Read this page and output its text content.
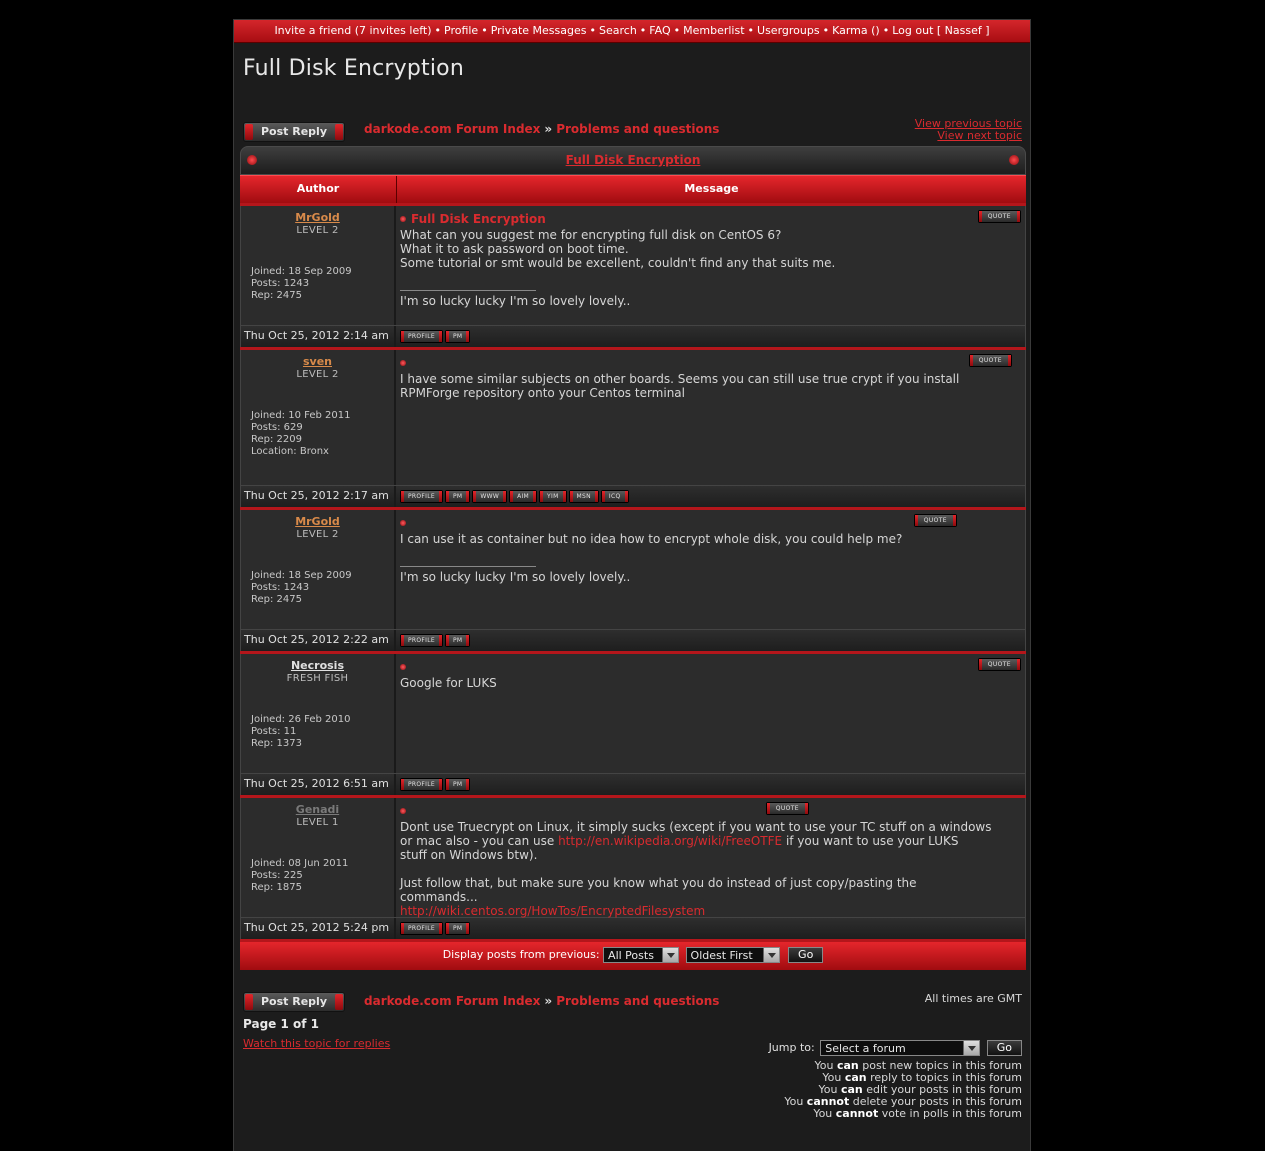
Invite a friend (7 invites left) • Profile • Private Messages • Search • FAQ • Memberlist • Usergroups • Karma () • Log out [ Nassef ]
Full Disk Encryption
Post Reply	darkode.com Forum Index » Problems and questions	View previous topic
View next topic
Full Disk Encryption
Author	Message
MrGold
LEVEL 2
Joined: 18 Sep 2009
Posts: 1243
Rep: 2475
Full Disk Encryption
What can you suggest me for encrypting full disk on CentOS 6?
What it to ask password on boot time.
Some tutorial or smt would be excellent, couldn't find any that suits me.
I'm so lucky lucky I'm so lovely lovely..
QUOTE
Thu Oct 25, 2012 2:14 am	PROFILE	PM
sven
LEVEL 2
Joined: 10 Feb 2011
Posts: 629
Rep: 2209
Location: Bronx
I have some similar subjects on other boards. Seems you can still use true crypt if you install
RPMForge repository onto your Centos terminal
QUOTE
Thu Oct 25, 2012 2:17 am	PROFILE	PM	WWW	AIM	YIM	MSN	ICQ
MrGold
LEVEL 2
Joined: 18 Sep 2009
Posts: 1243
Rep: 2475
I can use it as container but no idea how to encrypt whole disk, you could help me?
I'm so lucky lucky I'm so lovely lovely..
QUOTE
Thu Oct 25, 2012 2:22 am	PROFILE	PM
Necrosis
FRESH FISH
Joined: 26 Feb 2010
Posts: 11
Rep: 1373
Google for LUKS
QUOTE
Thu Oct 25, 2012 6:51 am	PROFILE	PM
Genadi
LEVEL 1
Joined: 08 Jun 2011
Posts: 225
Rep: 1875
Dont use Truecrypt on Linux, it simply sucks (except if you want to use your TC stuff on a windows
or mac also - you can use http://en.wikipedia.org/wiki/FreeOTFE if you want to use your LUKS
stuff on Windows btw).
Just follow that, but make sure you know what you do instead of just copy/pasting the
commands...
http://wiki.centos.org/HowTos/EncryptedFilesystem
QUOTE
Thu Oct 25, 2012 5:24 pm	PROFILE	PM
Display posts from previous: All Posts	Oldest First	Go
Post Reply	darkode.com Forum Index » Problems and questions	All times are GMT
Page 1 of 1
Watch this topic for replies	Jump to: Select a forum	Go
You can post new topics in this forum
You can reply to topics in this forum
You can edit your posts in this forum
You cannot delete your posts in this forum
You cannot vote in polls in this forum
